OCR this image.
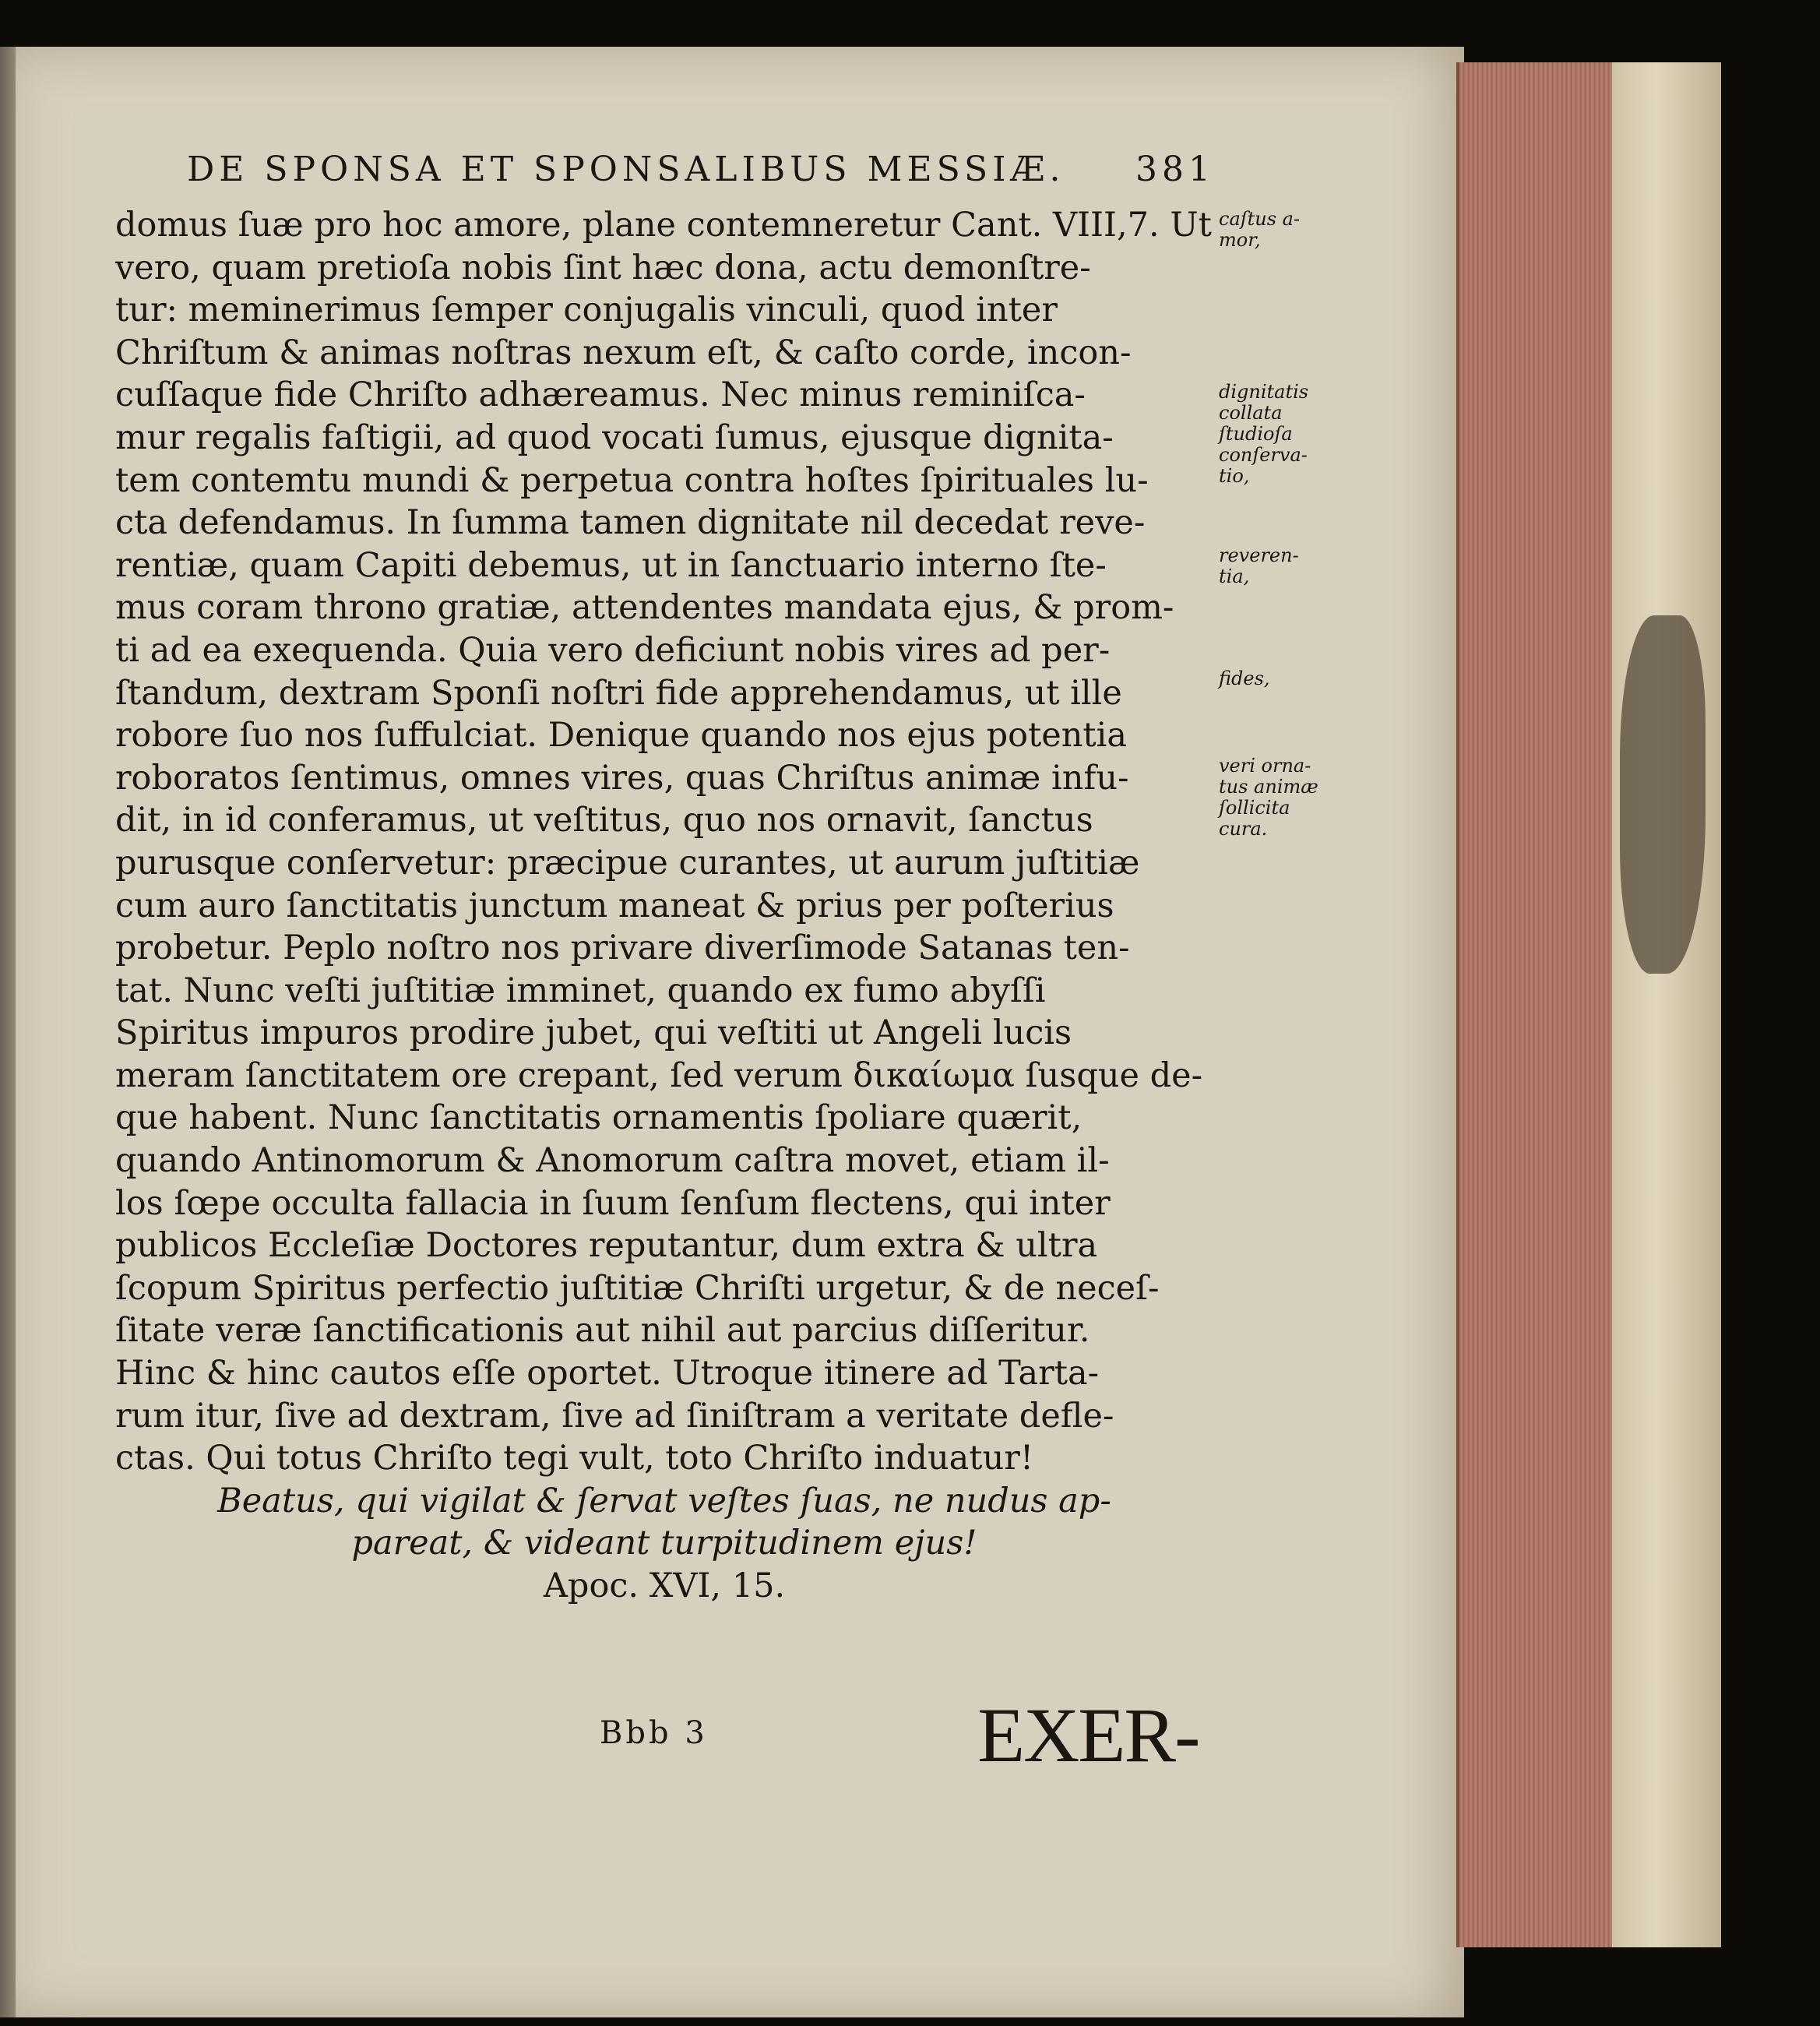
DE SPONSA ET SPONSALIBUS MESSIÆ. 381
domus ſuæ pro hoc amore, plane contemneretur Cant. VIII,7. Ut
vero, quam pretioſa nobis ſint hæc dona, actu demonſtre-
tur: meminerimus ſemper conjugalis vinculi, quod inter
Chriſtum & animas noſtras nexum eſt, & caſto corde, incon-
cuſſaque fide Chriſto adhæreamus. Nec minus reminiſca-
mur regalis faſtigii, ad quod vocati ſumus, ejusque dignita-
tem contemtu mundi & perpetua contra hoſtes ſpirituales lu-
cta defendamus. In ſumma tamen dignitate nil decedat reve-
rentiæ, quam Capiti debemus, ut in ſanctuario interno ſte-
mus coram throno gratiæ, attendentes mandata ejus, & prom-
ti ad ea exequenda. Quia vero deficiunt nobis vires ad per-
ſtandum, dextram Sponſi noſtri fide apprehendamus, ut ille
robore ſuo nos ſuffulciat. Denique quando nos ejus potentia
roboratos ſentimus, omnes vires, quas Chriſtus animæ infu-
dit, in id conferamus, ut veſtitus, quo nos ornavit, ſanctus
purusque conſervetur: præcipue curantes, ut aurum juſtitiæ
cum auro ſanctitatis junctum maneat & prius per poſterius
probetur. Peplo noſtro nos privare diverſimode Satanas ten-
tat. Nunc veſti juſtitiæ imminet, quando ex fumo abyſſi
Spiritus impuros prodire jubet, qui veſtiti ut Angeli lucis
meram ſanctitatem ore crepant, ſed verum δικαίωμα ſusque de-
que habent. Nunc ſanctitatis ornamentis ſpoliare quærit,
quando Antinomorum & Anomorum caſtra movet, etiam il-
los ſœpe occulta fallacia in ſuum ſenſum flectens, qui inter
publicos Eccleſiæ Doctores reputantur, dum extra & ultra
ſcopum Spiritus perfectio juſtitiæ Chriſti urgetur, & de neceſ-
ſitate veræ ſanctificationis aut nihil aut parcius diſſeritur.
Hinc & hinc cautos eſſe oportet. Utroque itinere ad Tarta-
rum itur, ſive ad dextram, ſive ad ſiniſtram a veritate defle-
ctas. Qui totus Chriſto tegi vult, toto Chriſto induatur!
Beatus, qui vigilat & ſervat veſtes ſuas, ne nudus ap-
pareat, & videant turpitudinem ejus!
Apoc. XVI, 15.
caſtus a-
mor,
dignitatis
collata
ſtudioſa
conſerva-
tio,
reveren-
tia,
fides,
veri orna-
tus animæ
ſollicita
cura.
Bbb 3	EXER-
